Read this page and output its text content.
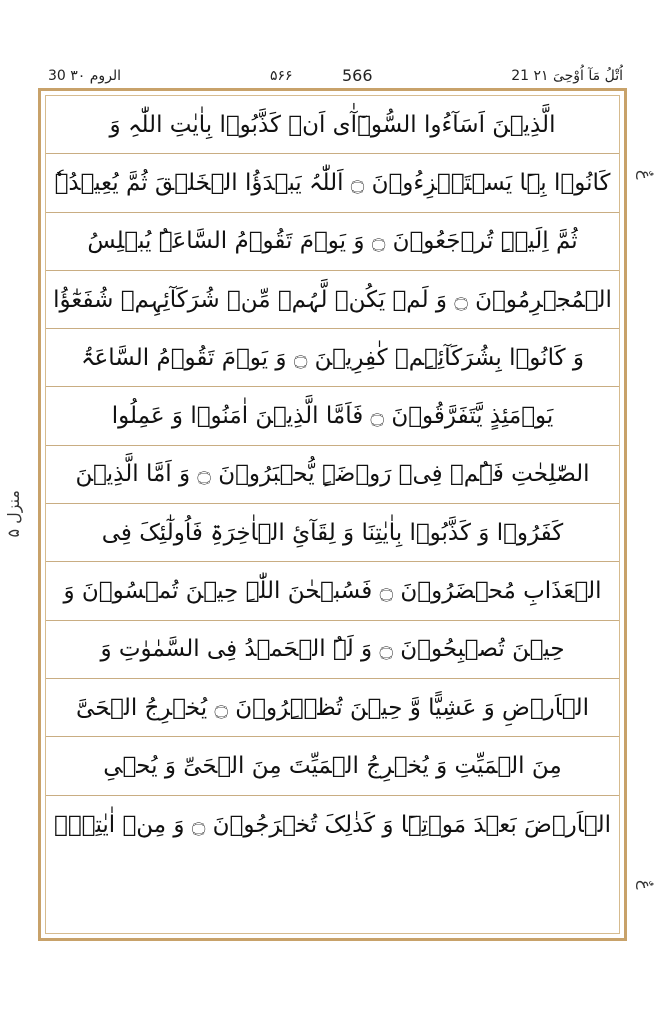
30 الروم ۳۰	۵۶۶	566	21 اُتْلُ مَآ اُوْحِیَ ۲۱
عٌ
منزل ۵
عٌ
الَّذِیۡنَ اَسَآءُوا السُّوۡٓآٰی اَنۡ کَذَّبُوۡا بِاٰیٰتِ اللّٰہِ وَ
کَانُوۡا بِہَا یَسۡتَہۡزِءُوۡنَ ۝ اَللّٰہُ یَبۡدَؤُا الۡخَلۡقَ ثُمَّ یُعِیۡدُہٗ
ثُمَّ اِلَیۡہِ تُرۡجَعُوۡنَ ۝ وَ یَوۡمَ تَقُوۡمُ السَّاعَۃُ یُبۡلِسُ
الۡمُجۡرِمُوۡنَ ۝ وَ لَمۡ یَکُنۡ لَّہُمۡ مِّنۡ شُرَکَآئِہِمۡ شُفَعٰٓؤُا
وَ کَانُوۡا بِشُرَکَآئِہِمۡ کٰفِرِیۡنَ ۝ وَ یَوۡمَ تَقُوۡمُ السَّاعَۃُ
یَوۡمَئِذٍ یَّتَفَرَّقُوۡنَ ۝ فَاَمَّا الَّذِیۡنَ اٰمَنُوۡا وَ عَمِلُوا
الصّٰلِحٰتِ فَہُمۡ فِیۡ رَوۡضَۃٍ یُّحۡبَرُوۡنَ ۝ وَ اَمَّا الَّذِیۡنَ
کَفَرُوۡا وَ کَذَّبُوۡا بِاٰیٰتِنَا وَ لِقَآیِٔ الۡاٰخِرَۃِ فَاُولٰٓئِکَ فِی
الۡعَذَابِ مُحۡضَرُوۡنَ ۝ فَسُبۡحٰنَ اللّٰہِ حِیۡنَ تُمۡسُوۡنَ وَ
حِیۡنَ تُصۡبِحُوۡنَ ۝ وَ لَہُ الۡحَمۡدُ فِی السَّمٰوٰتِ وَ
الۡاَرۡضِ وَ عَشِیًّا وَّ حِیۡنَ تُظۡہِرُوۡنَ ۝ یُخۡرِجُ الۡحَیَّ
مِنَ الۡمَیِّتِ وَ یُخۡرِجُ الۡمَیِّتَ مِنَ الۡحَیِّ وَ یُحۡیِ
الۡاَرۡضَ بَعۡدَ مَوۡتِہَا وَ کَذٰلِکَ تُخۡرَجُوۡنَ ۝ وَ مِنۡ اٰیٰتِہٖۤ
